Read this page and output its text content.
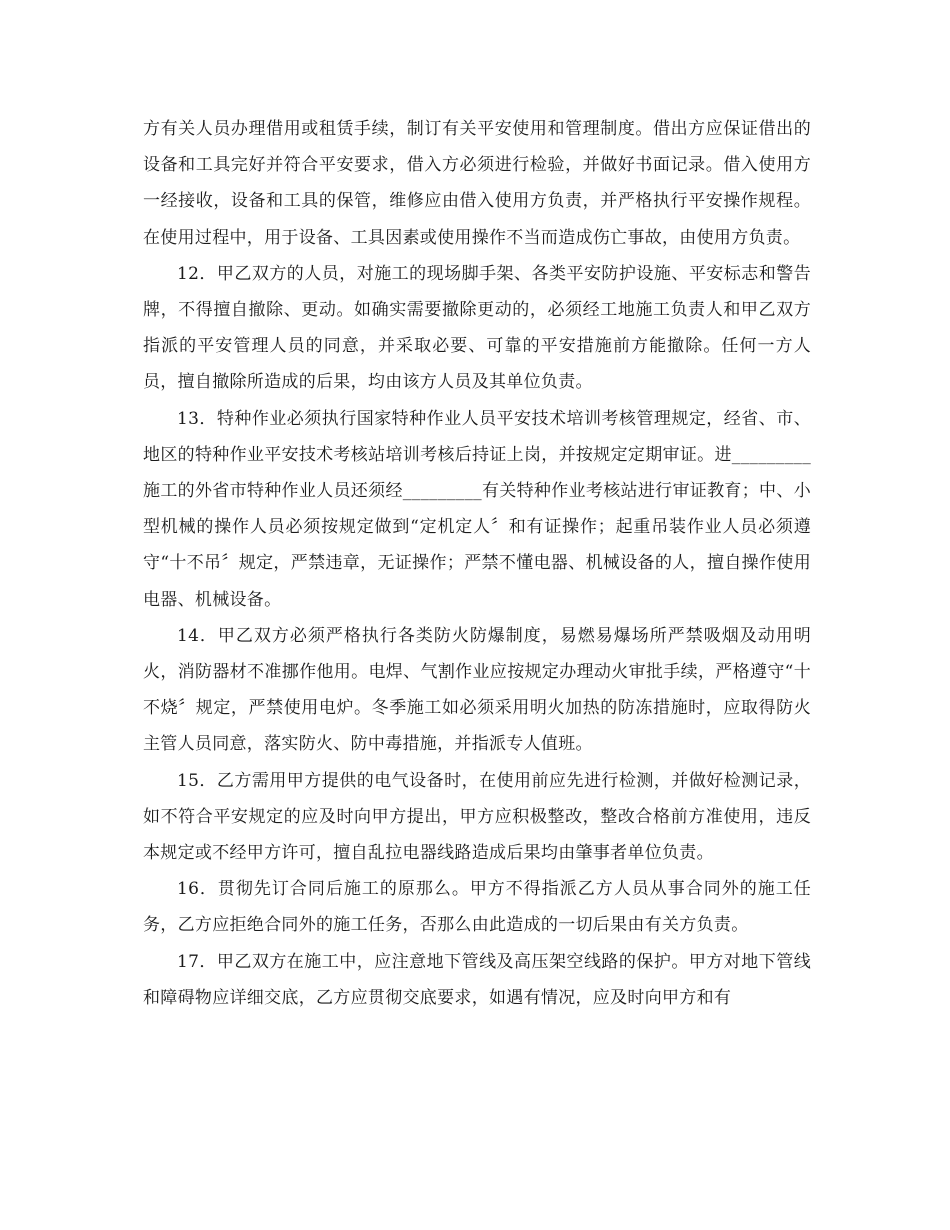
方有关人员办理借用或租赁手续，制订有关平安使用和管理制度。借出方应保证借出的设备和工具完好并符合平安要求，借入方必须进行检验，并做好书面记录。借入使用方一经接收，设备和工具的保管，维修应由借入使用方负责，并严格执行平安操作规程。在使用过程中，用于设备、工具因素或使用操作不当而造成伤亡事故，由使用方负责。

12．甲乙双方的人员，对施工的现场脚手架、各类平安防护设施、平安标志和警告牌，不得擅自撤除、更动。如确实需要撤除更动的，必须经工地施工负责人和甲乙双方指派的平安管理人员的同意，并采取必要、可靠的平安措施前方能撤除。任何一方人员，擅自撤除所造成的后果，均由该方人员及其单位负责。

13．特种作业必须执行国家特种作业人员平安技术培训考核管理规定，经省、市、地区的特种作业平安技术考核站培训考核后持证上岗，并按规定定期审证。进_________施工的外省市特种作业人员还须经_________有关特种作业考核站进行审证教育；中、小型机械的操作人员必须按规定做到“定机定人〞和有证操作；起重吊装作业人员必须遵守“十不吊〞规定，严禁违章，无证操作；严禁不懂电器、机械设备的人，擅自操作使用电器、机械设备。

14．甲乙双方必须严格执行各类防火防爆制度，易燃易爆场所严禁吸烟及动用明火，消防器材不准挪作他用。电焊、气割作业应按规定办理动火审批手续，严格遵守“十不烧〞规定，严禁使用电炉。冬季施工如必须采用明火加热的防冻措施时，应取得防火主管人员同意，落实防火、防中毒措施，并指派专人值班。

15．乙方需用甲方提供的电气设备时，在使用前应先进行检测，并做好检测记录，如不符合平安规定的应及时向甲方提出，甲方应积极整改，整改合格前方准使用，违反本规定或不经甲方许可，擅自乱拉电器线路造成后果均由肇事者单位负责。

16．贯彻先订合同后施工的原那么。甲方不得指派乙方人员从事合同外的施工任务，乙方应拒绝合同外的施工任务，否那么由此造成的一切后果由有关方负责。

17．甲乙双方在施工中，应注意地下管线及高压架空线路的保护。甲方对地下管线和障碍物应详细交底，乙方应贯彻交底要求，如遇有情况，应及时向甲方和有
